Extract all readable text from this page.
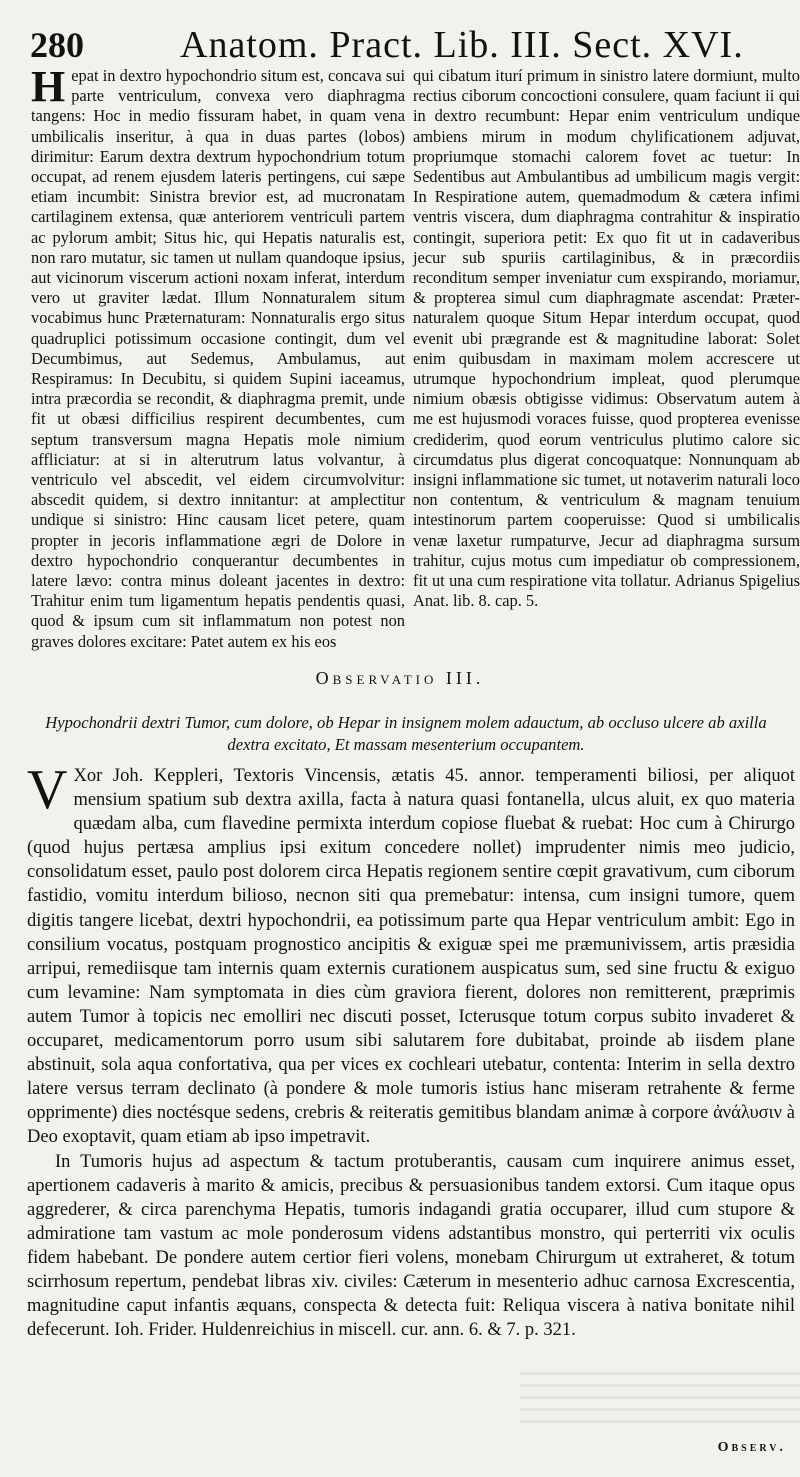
280	Anatom. Pract. Lib. III. Sect. XVI.

Hepat in dextro hypochondrio situm est, concava sui parte ventriculum, convexa vero diaphragma tangens: Hoc in medio fissuram habet, in quam vena umbilicalis inseritur, à qua in duas partes (lobos) dirimitur: Earum dextra dextrum hypochondrium totum occupat, ad renem ejusdem lateris pertingens, cui sæpe etiam incumbit: Sinistra brevior est, ad mucronatam cartilaginem extensa, quæ anteriorem ventriculi partem ac pylorum ambit; Situs hic, qui Hepatis naturalis est, non raro mutatur, sic tamen ut nullam quandoque ipsius, aut vicinorum viscerum actioni noxam inferat, interdum vero ut graviter lædat. Illum Nonnaturalem situm vocabimus hunc Præternaturam: Nonnaturalis ergo situs quadruplici potissimum occasione contingit, dum vel Decumbimus, aut Sedemus, Ambulamus, aut Respiramus: In Decubitu, si quidem Supini iaceamus, intra præcordia se recondit, & diaphragma premit, unde fit ut obæsi difficilius respirent decumbentes, cum septum transversum magna Hepatis mole nimium affliciatur: at si in alterutrum latus volvantur, à ventriculo vel abscedit, vel eidem circumvolvitur: abscedit quidem, si dextro innitantur: at amplectitur undique si sinistro: Hinc causam licet petere, quam propter in jecoris inflammatione ægri de Dolore in dextro hypochondrio conquerantur decumbentes in latere lævo: contra minus doleant jacentes in dextro: Trahitur enim tum ligamentum hepatis pendentis quasi, quod & ipsum cum sit inflammatum non potest non graves dolores excitare: Patet autem ex his eos

qui cibatum iturí primum in sinistro latere dormiunt, multo rectius ciborum concoctioni consulere, quam faciunt ii qui in dextro recumbunt: Hepar enim ventriculum undique ambiens mirum in modum chylificationem adjuvat, propriumque stomachi calorem fovet ac tuetur: In Sedentibus aut Ambulantibus ad umbilicum magis vergit: In Respiratione autem, quemadmodum & cætera infimi ventris viscera, dum diaphragma contrahitur & inspiratio contingit, superiora petit: Ex quo fit ut in cadaveribus jecur sub spuriis cartilaginibus, & in præcordiis reconditum semper inveniatur cum exspirando, moriamur, & propterea simul cum diaphragmate ascendat: Præter-naturalem quoque Situm Hepar interdum occupat, quod evenit ubi prægrande est & magnitudine laborat: Solet enim quibusdam in maximam molem accrescere ut utrumque hypochondrium impleat, quod plerumque nimium obæsis obtigisse vidimus: Observatum autem à me est hujusmodi voraces fuisse, quod propterea evenisse crediderim, quod eorum ventriculus plutimo calore sic circumdatus plus digerat concoquatque: Nonnunquam ab insigni inflammatione sic tumet, ut notaverim naturali loco non contentum, & ventriculum & magnam tenuium intestinorum partem cooperuisse: Quod si umbilicalis venæ laxetur rumpaturve, Jecur ad diaphragma sursum trahitur, cujus motus cum impediatur ob compressionem, fit ut una cum respiratione vita tollatur. Adrianus Spigelius Anat. lib. 8. cap. 5.

Observatio III.
Hypochondrii dextri Tumor, cum dolore, ob Hepar in insignem molem adauctum, ab occluso ulcere ab axilla dextra excitato, Et massam mesenterium occupantem.

V Xor Joh. Keppleri, Textoris Vincensis, ætatis 45. annor. temperamenti biliosi, per aliquot mensium spatium sub dextra axilla, facta à natura quasi fontanella, ulcus aluit, ex quo materia quædam alba, cum flavedine permixta interdum copiose fluebat & ruebat: Hoc cum à Chirurgo (quod hujus pertæsa amplius ipsi exitum concedere nollet) imprudenter nimis meo judicio, consolidatum esset, paulo post dolorem circa Hepatis regionem sentire cœpit gravativum, cum ciborum fastidio, vomitu interdum bilioso, necnon siti qua premebatur: intensa, cum insigni tumore, quem digitis tangere licebat, dextri hypochondrii, ea potissimum parte qua Hepar ventriculum ambit: Ego in consilium vocatus, postquam prognostico ancipitis & exiguæ spei me præmunivissem, artis præsidia arripui, remediisque tam internis quam externis curationem auspicatus sum, sed sine fructu & exiguo cum levamine: Nam symptomata in dies cùm graviora fierent, dolores non remitterent, præprimis autem Tumor à topicis nec emolliri nec discuti posset, Icterusque totum corpus subito invaderet & occuparet, medicamentorum porro usum sibi salutarem fore dubitabat, proinde ab iisdem plane abstinuit, sola aqua confortativa, qua per vices ex cochleari utebatur, contenta: Interim in sella dextro latere versus terram declinato (à pondere & mole tumoris istius hanc miseram retrahente & ferme opprimente) dies noctésque sedens, crebris & reiteratis gemitibus blandam animæ à corpore ἀνάλυσιν à Deo exoptavit, quam etiam ab ipso impetravit.

In Tumoris hujus ad aspectum & tactum protuberantis, causam cum inquirere animus esset, apertionem cadaveris à marito & amicis, precibus & persuasionibus tandem extorsi. Cum itaque opus aggrederer, & circa parenchyma Hepatis, tumoris indagandi gratia occuparer, illud cum stupore & admiratione tam vastum ac mole ponderosum videns adstantibus monstro, qui perterriti vix oculis fidem habebant. De pondere autem certior fieri volens, monebam Chirurgum ut extraheret, & totum scirrhosum repertum, pendebat libras xiv. civiles: Cæterum in mesenterio adhuc carnosa Excrescentia, magnitudine caput infantis æquans, conspecta & detecta fuit: Reliqua viscera à nativa bonitate nihil defecerunt. Ioh. Frider. Huldenreichius in miscell. cur. ann. 6. & 7. p. 321.

Observ.
